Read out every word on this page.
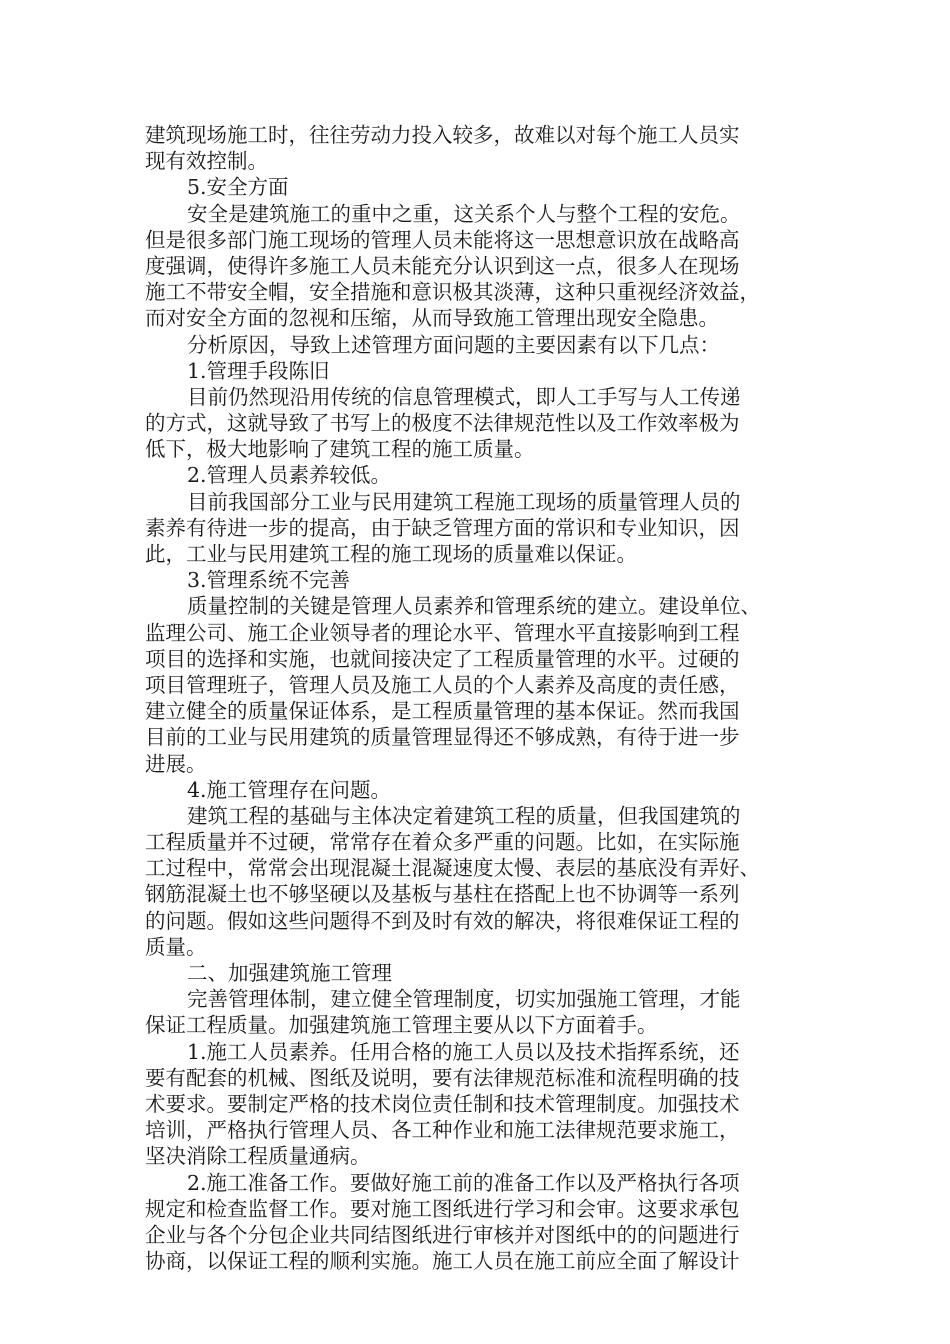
建筑现场施工时，往往劳动力投入较多，故难以对每个施工人员实
现有效控制。
5.安全方面
安全是建筑施工的重中之重，这关系个人与整个工程的安危。
但是很多部门施工现场的管理人员未能将这一思想意识放在战略高
度强调，使得许多施工人员未能充分认识到这一点，很多人在现场
施工不带安全帽，安全措施和意识极其淡薄，这种只重视经济效益，
而对安全方面的忽视和压缩，从而导致施工管理出现安全隐患。
分析原因，导致上述管理方面问题的主要因素有以下几点：
1.管理手段陈旧
目前仍然现沿用传统的信息管理模式，即人工手写与人工传递
的方式，这就导致了书写上的极度不法律规范性以及工作效率极为
低下，极大地影响了建筑工程的施工质量。
2.管理人员素养较低。
目前我国部分工业与民用建筑工程施工现场的质量管理人员的
素养有待进一步的提高，由于缺乏管理方面的常识和专业知识，因
此，工业与民用建筑工程的施工现场的质量难以保证。
3.管理系统不完善
质量控制的关键是管理人员素养和管理系统的建立。建设单位、
监理公司、施工企业领导者的理论水平、管理水平直接影响到工程
项目的选择和实施，也就间接决定了工程质量管理的水平。过硬的
项目管理班子，管理人员及施工人员的个人素养及高度的责任感，
建立健全的质量保证体系，是工程质量管理的基本保证。然而我国
目前的工业与民用建筑的质量管理显得还不够成熟，有待于进一步
进展。
4.施工管理存在问题。
建筑工程的基础与主体决定着建筑工程的质量，但我国建筑的
工程质量并不过硬，常常存在着众多严重的问题。比如，在实际施
工过程中，常常会出现混凝土混凝速度太慢、表层的基底没有弄好、
钢筋混凝土也不够坚硬以及基板与基柱在搭配上也不协调等一系列
的问题。假如这些问题得不到及时有效的解决，将很难保证工程的
质量。
二、加强建筑施工管理
完善管理体制，建立健全管理制度，切实加强施工管理，才能
保证工程质量。加强建筑施工管理主要从以下方面着手。
1.施工人员素养。任用合格的施工人员以及技术指挥系统，还
要有配套的机械、图纸及说明，要有法律规范标准和流程明确的技
术要求。要制定严格的技术岗位责任制和技术管理制度。加强技术
培训，严格执行管理人员、各工种作业和施工法律规范要求施工，
坚决消除工程质量通病。
2.施工准备工作。要做好施工前的准备工作以及严格执行各项
规定和检查监督工作。要对施工图纸进行学习和会审。这要求承包
企业与各个分包企业共同结图纸进行审核并对图纸中的的问题进行
协商，以保证工程的顺利实施。施工人员在施工前应全面了解设计
